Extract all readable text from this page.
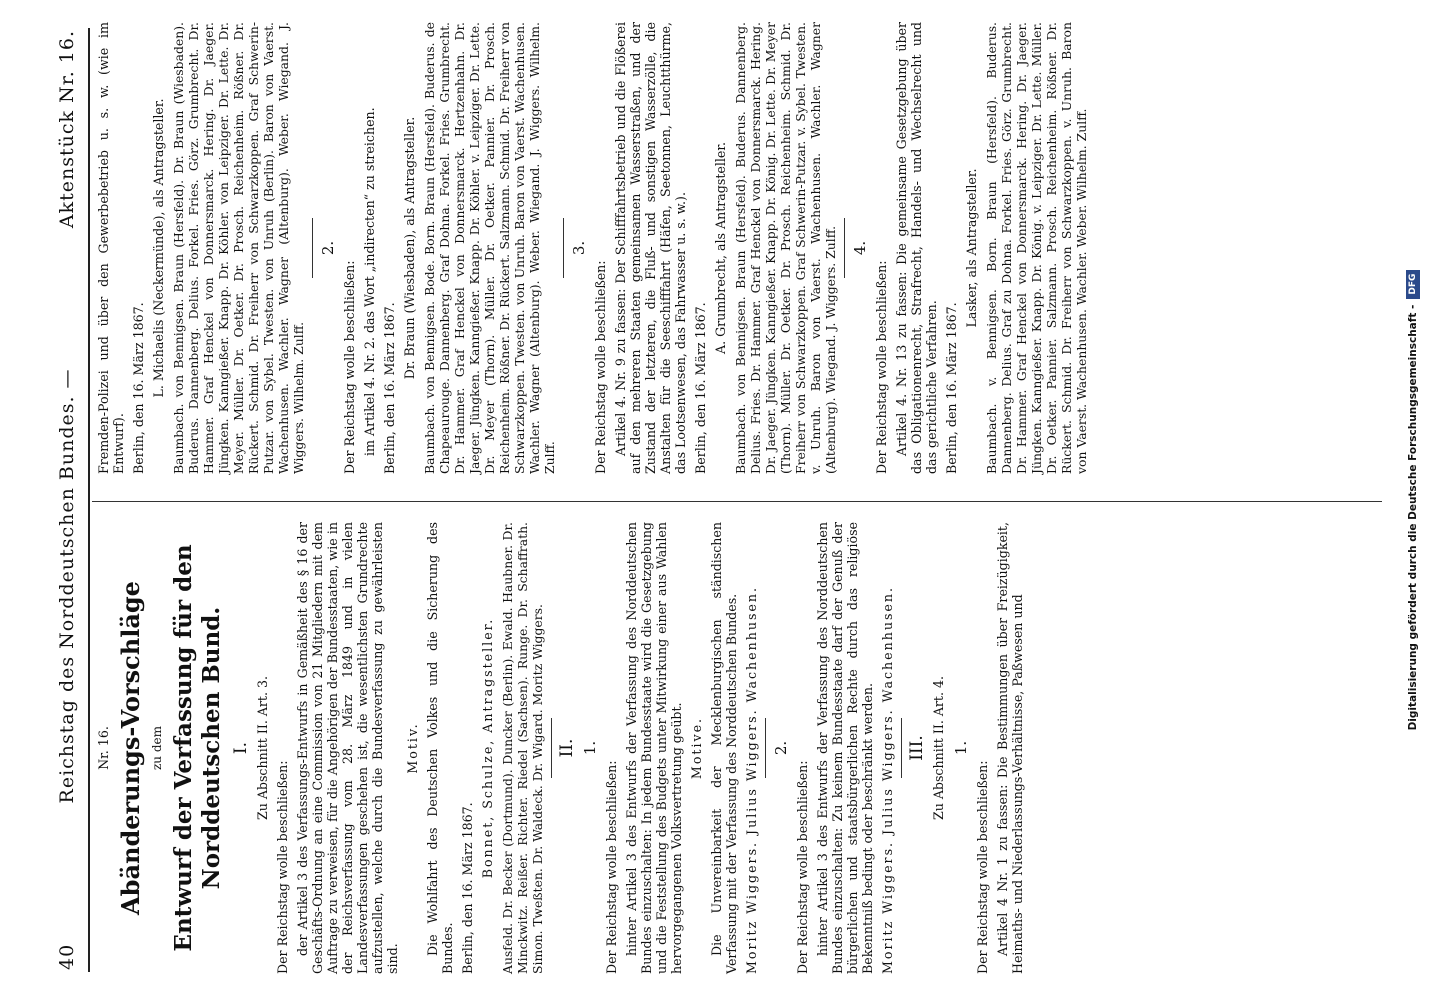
40
Reichstag des Norddeutschen Bundes. —
Aktenstück Nr. 16.

Nr. 16. Abänderungs-Vorschläge zu dem Entwurf der Verfassung für den Norddeutschen Bund. I. Zu Abschnitt II. Art. 3.

Der Reichstag wolle beschließen: der Artikel 3 des Verfassungs-Entwurfs in Gemäßheit des § 16 der Geschäfts-Ordnung an eine Commission von 21 Mitgliedern mit dem Auftrage zu verweisen, für die Angehörigen der Bundesstaaten, wie in der Reichsverfassung vom 28. März 1849 und in vielen Landesverfassungen geschehen ist, die wesentlichsten Grundrechte aufzustellen, welche durch die Bundesverfassung zu gewährleisten sind.

Motiv. Die Wohlfahrt des Deutschen Volkes und die Sicherung des Bundes. Berlin, den 16. März 1867.

Bonnet, Schulze, Antragsteller. Ausfeld. Dr. Becker (Dortmund). Duncker (Berlin). Ewald. Haubner. Dr. Minckwitz. Reißer. Richter. Riedel (Sachsen). Runge. Dr. Schaffrath. Simon. Tweßten. Dr. Waldeck. Dr. Wigard. Moritz Wiggers. II. 1.

Der Reichstag wolle beschließen: hinter Artikel 3 des Entwurfs der Verfassung des Norddeutschen Bundes einzuschalten: In jedem Bundesstaate wird die Gesetzgebung und die Feststellung des Budgets unter Mitwirkung einer aus Wahlen hervorgegangenen Volksvertretung geübt. Motive. Die Unvereinbarkeit der Mecklenburgischen ständischen Verfassung mit der Verfassung des Norddeutschen Bundes. Moritz Wiggers. Julius Wiggers. Wachenhusen. 2.

Der Reichstag wolle beschließen: hinter Artikel 3 des Entwurfs der Verfassung des Norddeutschen Bundes einzuschalten: Zu keinem Bundesstaate darf der Genuß der bürgerlichen und staatsbürgerlichen Rechte durch das religiöse Bekenntniß bedingt oder beschränkt werden. Moritz Wiggers. Julius Wiggers. Wachenhusen. III. Zu Abschnitt II. Art. 4. 1.

Der Reichstag wolle beschließen: Artikel 4 Nr. 1 zu fassen: Die Bestimmungen über Freizügigkeit, Heimaths- und Niederlassungs-Verhältnisse, Paßwesen und

Fremden-Polizei und über den Gewerbebetrieb u. s. w. (wie im Entwurf). Berlin, den 16. März 1867. L. Michaelis (Neckermünde), als Antragsteller. Baumbach. von Bennigsen. Braun (Hersfeld). Dr. Braun (Wiesbaden). Buderus. Dannenberg. Delius. Forkel. Fries. Görz. Grumbrecht. Dr. Hammer. Graf Henckel von Donnersmarck. Hering. Dr. Jaeger. Jüngken. Kanngießer. Knapp. Dr. Köhler. von Leipziger. Dr. Lette. Dr. Meyer. Müller. Dr. Oetker. Dr. Prosch. Reichenheim. Rößner. Dr. Rückert. Schmid. Dr. Freiherr von Schwarzkoppen. Graf Schwerin-Putzar. von Sybel. Twesten. von Unruh (Berlin). Baron von Vaerst. Wachenhusen. Wachler. Wagner (Altenburg). Weber. Wiegand. J. Wiggers. Wilhelm. Zulff.

2.

Der Reichstag wolle beschließen: im Artikel 4. Nr. 2. das Wort „indirecten“ zu streichen. Berlin, den 16. März 1867.

Dr. Braun (Wiesbaden), als Antragsteller. Baumbach. von Bennigsen. Bode. Born. Braun (Hersfeld). Buderus. de Chapeaurouge. Dannenberg. Graf Dohna. Forkel. Fries. Grumbrecht. Dr. Hammer. Graf Henckel von Donnersmarck. Hertzenhahn. Dr. Jaeger. Jüngken. Kanngießer. Knapp. Dr. Köhler. v. Leipziger. Dr. Lette. Dr. Meyer (Thorn). Müller. Dr. Oetker. Pannier. Dr. Prosch. Reichenheim. Rößner. Dr. Rückert. Salzmann. Schmid. Dr. Freiherr von Schwarzkoppen. Twesten. von Unruh. Baron von Vaerst. Wachenhusen. Wachler. Wagner (Altenburg). Weber. Wiegand. J. Wiggers. Wilhelm. Zulff.

3.

Der Reichstag wolle beschließen: Artikel 4. Nr. 9 zu fassen: Der Schifffahrtsbetrieb und die Flößerei auf den mehreren Staaten gemeinsamen Wasserstraßen, und der Zustand der letzteren, die Fluß- und sonstigen Wasserzölle, die Anstalten für die Seeschifffahrt (Häfen, Seetonnen, Leuchtthürme, das Lootsenwesen, das Fahrwasser u. s. w.). Berlin, den 16. März 1867.

A. Grumbrecht, als Antragsteller. Baumbach. von Bennigsen. Braun (Hersfeld). Buderus. Dannenberg. Delius. Fries. Dr. Hammer. Graf Henckel von Donnersmarck. Hering. Dr. Jaeger. Jüngken. Kanngießer. Knapp. Dr. König. Dr. Lette. Dr. Meyer (Thorn). Müller. Dr. Oetker. Dr. Prosch. Reichenheim. Schmid. Dr. Freiherr von Schwarzkoppen. Graf Schwerin-Putzar. v. Sybel. Twesten. v. Unruh. Baron von Vaerst. Wachenhusen. Wachler. Wagner (Altenburg). Wiegand. J. Wiggers. Zulff. 4.

Der Reichstag wolle beschließen: Artikel 4. Nr. 13 zu fassen: Die gemeinsame Gesetzgebung über das Obligationenrecht, Strafrecht, Handels- und Wechselrecht und das gerichtliche Verfahren. Berlin, den 16. März 1867.

Lasker, als Antragsteller. Baumbach. v. Bennigsen. Born. Braun (Hersfeld). Buderus. Dannenberg. Delius. Graf zu Dohna. Forkel. Fries. Görz. Grumbrecht. Dr. Hammer. Graf Henckel von Donnersmarck. Hering. Dr. Jaeger. Jüngken. Kanngießer. Knapp. Dr. König. v. Leipziger. Dr. Lette. Müller. Dr. Oetker. Pannier. Salzmann. Prosch. Reichenheim. Rößner. Dr. Rückert. Schmid. Dr. Freiherr von Schwarzkoppen. v. Unruh. Baron von Vaerst. Wachenhusen. Wachler. Weber. Wilhelm. Zulff.

Digitalisierung gefördert durch die Deutsche Forschungsgemeinschaft -
DFG
